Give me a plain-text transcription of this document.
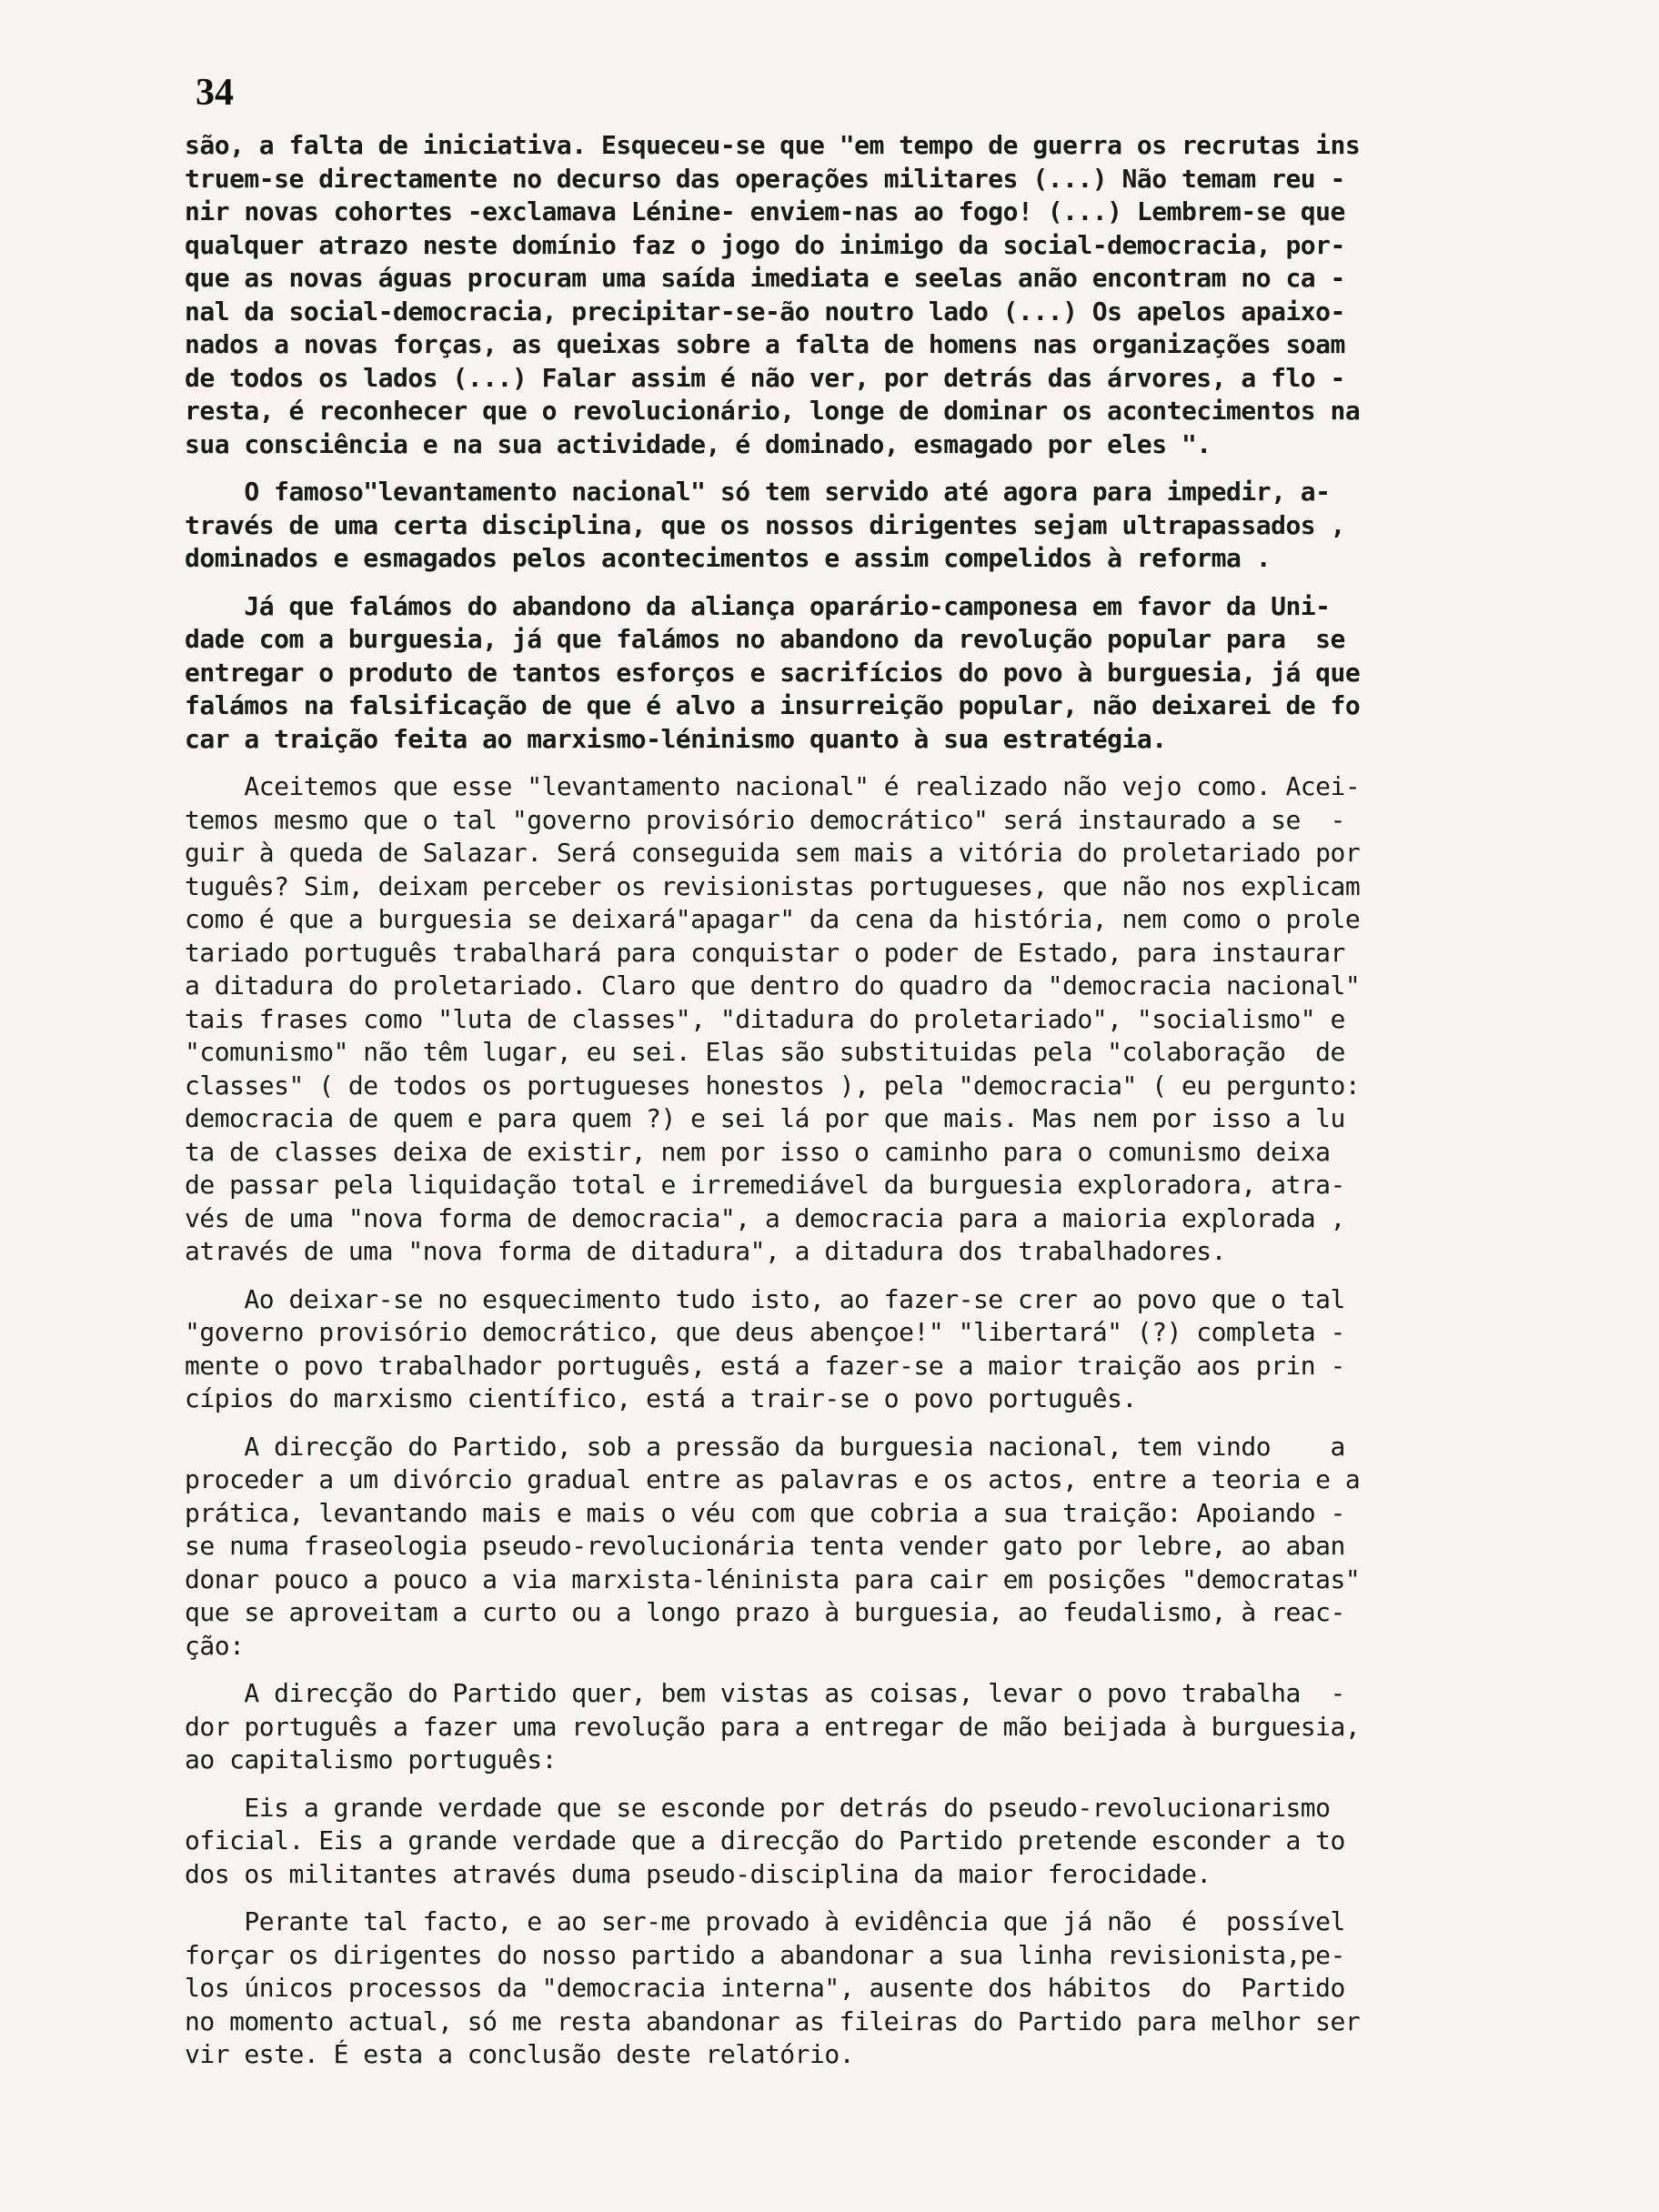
34
são, a falta de iniciativa. Esqueceu-se que "em tempo de guerra os recrutas ins
truem-se directamente no decurso das operações militares (...) Não temam reu -
nir novas cohortes -exclamava Lénine- enviem-nas ao fogo! (...) Lembrem-se que
qualquer atrazo neste domínio faz o jogo do inimigo da social-democracia, por-
que as novas águas procuram uma saída imediata e seelas anão encontram no ca -
nal da social-democracia, precipitar-se-ão noutro lado (...) Os apelos apaixo-
nados a novas forças, as queixas sobre a falta de homens nas organizações soam
de todos os lados (...) Falar assim é não ver, por detrás das árvores, a flo -
resta, é reconhecer que o revolucionário, longe de dominar os acontecimentos na
sua consciência e na sua actividade, é dominado, esmagado por eles ".
O famoso"levantamento nacional" só tem servido até agora para impedir, a-
través de uma certa disciplina, que os nossos dirigentes sejam ultrapassados ,
dominados e esmagados pelos acontecimentos e assim compelidos à reforma .
Já que falámos do abandono da aliança oparário-camponesa em favor da Uni-
dade com a burguesia, já que falámos no abandono da revolução popular para  se
entregar o produto de tantos esforços e sacrifícios do povo à burguesia, já que
falámos na falsificação de que é alvo a insurreição popular, não deixarei de fo
car a traição feita ao marxismo-léninismo quanto à sua estratégia.
Aceitemos que esse "levantamento nacional" é realizado não vejo como. Acei-
temos mesmo que o tal "governo provisório democrático" será instaurado a se  -
guir à queda de Salazar. Será conseguida sem mais a vitória do proletariado por
tuguês? Sim, deixam perceber os revisionistas portugueses, que não nos explicam
como é que a burguesia se deixará"apagar" da cena da história, nem como o prole
tariado português trabalhará para conquistar o poder de Estado, para instaurar
a ditadura do proletariado. Claro que dentro do quadro da "democracia nacional"
tais frases como "luta de classes", "ditadura do proletariado", "socialismo" e
"comunismo" não têm lugar, eu sei. Elas são substituidas pela "colaboração  de
classes" ( de todos os portugueses honestos ), pela "democracia" ( eu pergunto:
democracia de quem e para quem ?) e sei lá por que mais. Mas nem por isso a lu
ta de classes deixa de existir, nem por isso o caminho para o comunismo deixa
de passar pela liquidação total e irremediável da burguesia exploradora, atra-
vés de uma "nova forma de democracia", a democracia para a maioria explorada ,
através de uma "nova forma de ditadura", a ditadura dos trabalhadores.
Ao deixar-se no esquecimento tudo isto, ao fazer-se crer ao povo que o tal
"governo provisório democrático, que deus abençoe!" "libertará" (?) completa -
mente o povo trabalhador português, está a fazer-se a maior traição aos prin -
cípios do marxismo científico, está a trair-se o povo português.
A direcção do Partido, sob a pressão da burguesia nacional, tem vindo    a
proceder a um divórcio gradual entre as palavras e os actos, entre a teoria e a
prática, levantando mais e mais o véu com que cobria a sua traição: Apoiando -
se numa fraseologia pseudo-revolucionária tenta vender gato por lebre, ao aban
donar pouco a pouco a via marxista-léninista para cair em posições "democratas"
que se aproveitam a curto ou a longo prazo à burguesia, ao feudalismo, à reac-
ção:
A direcção do Partido quer, bem vistas as coisas, levar o povo trabalha  -
dor português a fazer uma revolução para a entregar de mão beijada à burguesia,
ao capitalismo português:
Eis a grande verdade que se esconde por detrás do pseudo-revolucionarismo
oficial. Eis a grande verdade que a direcção do Partido pretende esconder a to
dos os militantes através duma pseudo-disciplina da maior ferocidade.
Perante tal facto, e ao ser-me provado à evidência que já não  é  possível
forçar os dirigentes do nosso partido a abandonar a sua linha revisionista,pe-
los únicos processos da "democracia interna", ausente dos hábitos  do  Partido
no momento actual, só me resta abandonar as fileiras do Partido para melhor ser
vir este. É esta a conclusão deste relatório.
